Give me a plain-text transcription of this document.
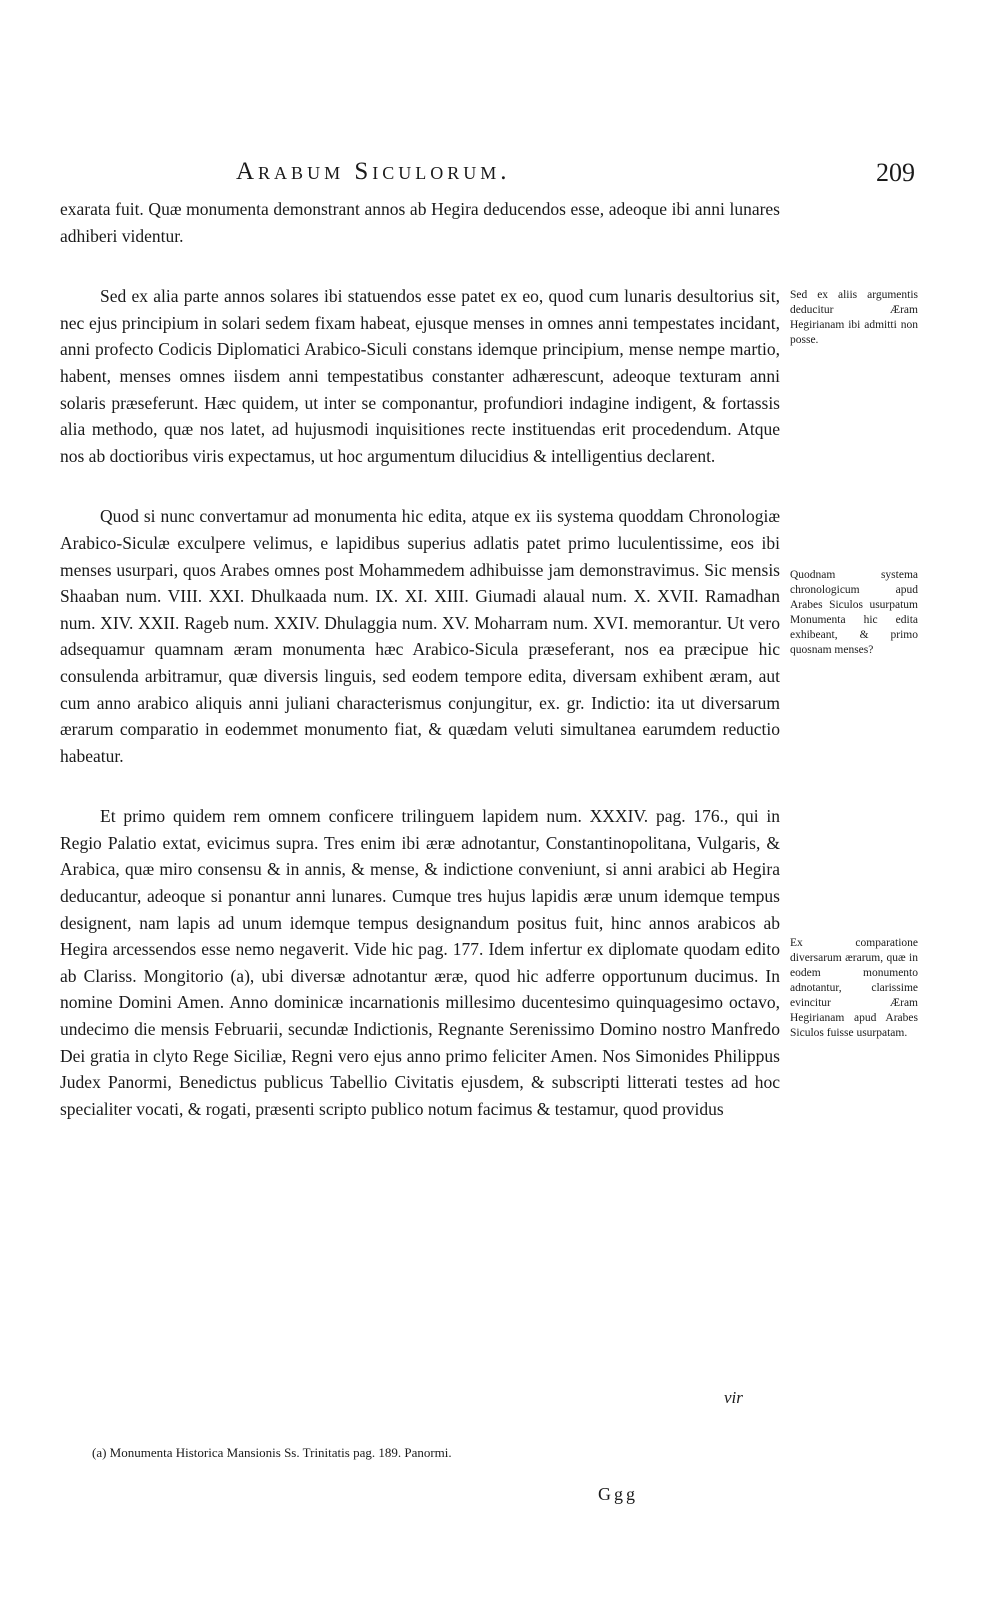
Arabum Siculorum.	209

exarata fuit. Quæ monumenta demonstrant annos ab Hegira deducendos esse, adeoque ibi anni lunares adhiberi videntur.

Sed ex alia parte annos solares ibi statuendos esse patet ex eo, quod cum lunaris desultorius sit, nec ejus principium in solari sedem fixam habeat, ejusque menses in omnes anni tempestates incidant, anni profecto Codicis Diplomatici Arabico-Siculi constans idemque principium, mense nempe martio, habent, menses omnes iisdem anni tempestatibus constanter adhærescunt, adeoque texturam anni solaris præseferunt. Hæc quidem, ut inter se componantur, profundiori indagine indigent, & fortassis alia methodo, quæ nos latet, ad hujusmodi inquisitiones recte instituendas erit procedendum. Atque nos ab doctioribus viris expectamus, ut hoc argumentum dilucidius & intelligentius declarent.

Quod si nunc convertamur ad monumenta hic edita, atque ex iis systema quoddam Chronologiæ Arabico-Siculæ exculpere velimus, e lapidibus superius adlatis patet primo luculentissime, eos ibi menses usurpari, quos Arabes omnes post Mohammedem adhibuisse jam demonstravimus. Sic mensis Shaaban num. VIII. XXI. Dhulkaada num. IX. XI. XIII. Giumadi alaual num. X. XVII. Ramadhan num. XIV. XXII. Rageb num. XXIV. Dhulaggia num. XV. Moharram num. XVI. memorantur. Ut vero adsequamur quamnam æram monumenta hæc Arabico-Sicula præseferant, nos ea præcipue hic consulenda arbitramur, quæ diversis linguis, sed eodem tempore edita, diversam exhibent æram, aut cum anno arabico aliquis anni juliani characterismus conjungitur, ex. gr. Indictio: ita ut diversarum ærarum comparatio in eodemmet monumento fiat, & quædam veluti simultanea earumdem reductio habeatur.

Et primo quidem rem omnem conficere trilinguem lapidem num. XXXIV. pag. 176., qui in Regio Palatio extat, evicimus supra. Tres enim ibi æræ adnotantur, Constantinopolitana, Vulgaris, & Arabica, quæ miro consensu & in annis, & mense, & indictione conveniunt, si anni arabici ab Hegira deducantur, adeoque si ponantur anni lunares. Cumque tres hujus lapidis æræ unum idemque tempus designent, nam lapis ad unum idemque tempus designandum positus fuit, hinc annos arabicos ab Hegira arcessendos esse nemo negaverit. Vide hic pag. 177. Idem infertur ex diplomate quodam edito ab Clariss. Mongitorio (a), ubi diversæ adnotantur æræ, quod hic adferre opportunum ducimus. In nomine Domini Amen. Anno dominicæ incarnationis millesimo ducentesimo quinquagesimo octavo, undecimo die mensis Februarii, secundæ Indictionis, Regnante Serenissimo Domino nostro Manfredo Dei gratia in clyto Rege Siciliæ, Regni vero ejus anno primo feliciter Amen. Nos Simonides Philippus Judex Panormi, Benedictus publicus Tabellio Civitatis ejusdem, & subscripti litterati testes ad hoc specialiter vocati, & rogati, præsenti scripto publico notum facimus & testamur, quod providus

Sed ex aliis argumentis deducitur Æram Hegirianam ibi admitti non posse.
Quodnam systema chronologicum apud Arabes Siculos usurpatum Monumenta hic edita exhibeant, & primo quosnam menses?
Ex comparatione diversarum ærarum, quæ in eodem monumento adnotantur, clarissime evincitur Æram Hegirianam apud Arabes Siculos fuisse usurpatam.
vir
(a) Monumenta Historica Mansionis Ss. Trinitatis pag. 189. Panormi.
Ggg
